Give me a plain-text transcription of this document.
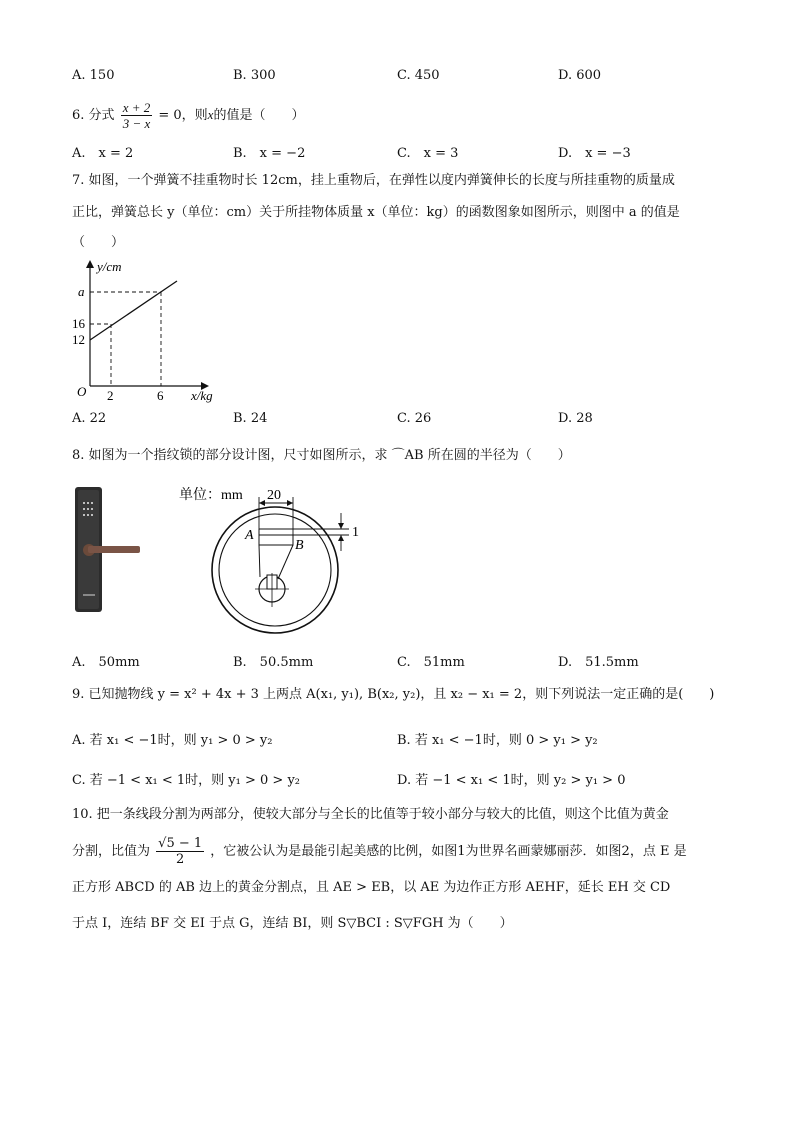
A. 150	B. 300	C. 450	D. 600
6. 分式 $\frac{x + 2}{3 - x} = 0$，则x的值是（　　）
A.　x = 2	B.　x = −2	C.　x = 3	D.　x = −3
7. 如图，一个弹簧不挂重物时长 12cm，挂上重物后，在弹性以度内弹簧伸长的长度与所挂重物的质量成
正比，弹簧总长 y（单位：cm）关于所挂物体质量 x（单位：kg）的函数图象如图所示，则图中 a 的值是
（　　）
y/cm
x/kg
O
a
16
12
2	6
A. 22	B. 24	C. 26	D. 28
8. 如图为一个指纹锁的部分设计图，尺寸如图所示，求 ⌒AB 所在圆的半径为（　　）
单位：mm 20
1
A
B
A.　50mm	B.　50.5mm	C.　51mm	D.　51.5mm
9. 已知抛物线 y = x² + 4x + 3 上两点 A(x₁, y₁), B(x₂, y₂)，且 x₂ − x₁ = 2，则下列说法一定正确的是(　　)
A. 若 x₁ < −1时，则 y₁ > 0 > y₂	B. 若 x₁ < −1时，则 0 > y₁ > y₂
C. 若 −1 < x₁ < 1时，则 y₁ > 0 > y₂	D. 若 −1 < x₁ < 1时，则 y₂ > y₁ > 0
10. 把一条线段分割为两部分，使较大部分与全长的比值等于较小部分与较大的比值，则这个比值为黄金
分割，比值为 $\frac{√5 - 1}{2}$ ，它被公认为是最能引起美感的比例，如图1为世界名画蒙娜丽莎．如图2，点 E 是
正方形 ABCD 的 AB 边上的黄金分割点，且 AE > EB，以 AE 为边作正方形 AEHF，延长 EH 交 CD
于点 I，连结 BF 交 EI 于点 G，连结 BI，则 S▽BCI : S▽FGH 为（　　）
